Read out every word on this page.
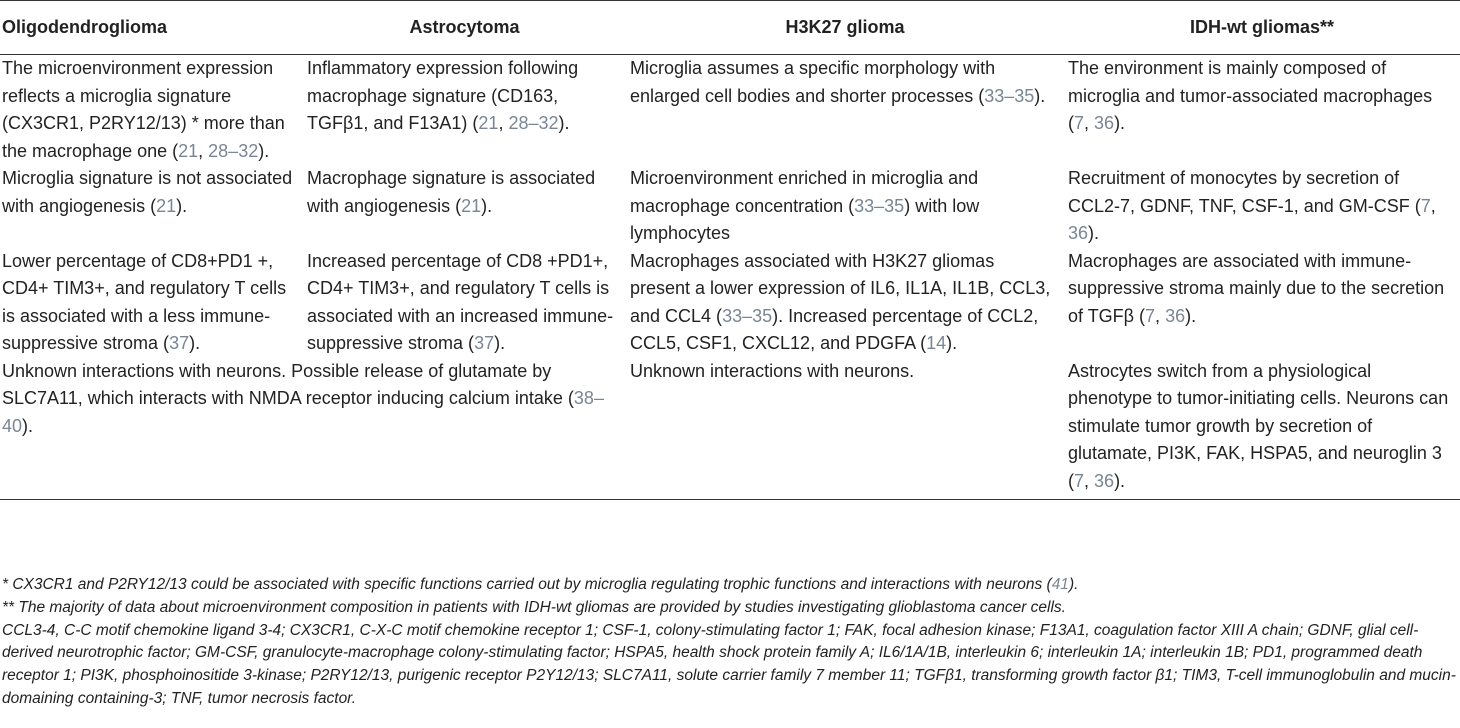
Oligodendroglioma	Astrocytoma	H3K27 glioma	IDH-wt gliomas**
The microenvironment expression reflects a microglia signature (CX3CR1, P2RY12/13) * more than the macrophage one (21, 28–32).	Inflammatory expression following macrophage signature (CD163, TGFβ1, and F13A1) (21, 28–32).	Microglia assumes a specific morphology with enlarged cell bodies and shorter processes (33–35).	The environment is mainly composed of microglia and tumor-associated macrophages (7, 36).
Microglia signature is not associated with angiogenesis (21).	Macrophage signature is associated with angiogenesis (21).	Microenvironment enriched in microglia and macrophage concentration (33–35) with low lymphocytes	Recruitment of monocytes by secretion of CCL2-7, GDNF, TNF, CSF-1, and GM-CSF (7, 36).
Lower percentage of CD8+PD1 +, CD4+ TIM3+, and regulatory T cells is associated with a less immune-suppressive stroma (37).	Increased percentage of CD8 +PD1+, CD4+ TIM3+, and regulatory T cells is associated with an increased immune-suppressive stroma (37).	Macrophages associated with H3K27 gliomas present a lower expression of IL6, IL1A, IL1B, CCL3, and CCL4 (33–35). Increased percentage of CCL2, CCL5, CSF1, CXCL12, and PDGFA (14).	Macrophages are associated with immune-suppressive stroma mainly due to the secretion of TGFβ (7, 36).
Unknown interactions with neurons. Possible release of glutamate by SLC7A11, which interacts with NMDA receptor inducing calcium intake (38–40).		Unknown interactions with neurons.	Astrocytes switch from a physiological phenotype to tumor-initiating cells. Neurons can stimulate tumor growth by secretion of glutamate, PI3K, FAK, HSPA5, and neuroglin 3 (7, 36).

* CX3CR1 and P2RY12/13 could be associated with specific functions carried out by microglia regulating trophic functions and interactions with neurons (41).

** The majority of data about microenvironment composition in patients with IDH-wt gliomas are provided by studies investigating glioblastoma cancer cells.

CCL3-4, C-C motif chemokine ligand 3-4; CX3CR1, C-X-C motif chemokine receptor 1; CSF-1, colony-stimulating factor 1; FAK, focal adhesion kinase; F13A1, coagulation factor XIII A chain; GDNF, glial cell-derived neurotrophic factor; GM-CSF, granulocyte-macrophage colony-stimulating factor; HSPA5, health shock protein family A; IL6/1A/1B, interleukin 6; interleukin 1A; interleukin 1B; PD1, programmed death receptor 1; PI3K, phosphoinositide 3-kinase; P2RY12/13, purigenic receptor P2Y12/13; SLC7A11, solute carrier family 7 member 11; TGFβ1, transforming growth factor β1; TIM3, T-cell immunoglobulin and mucin-domaining containing-3; TNF, tumor necrosis factor.
